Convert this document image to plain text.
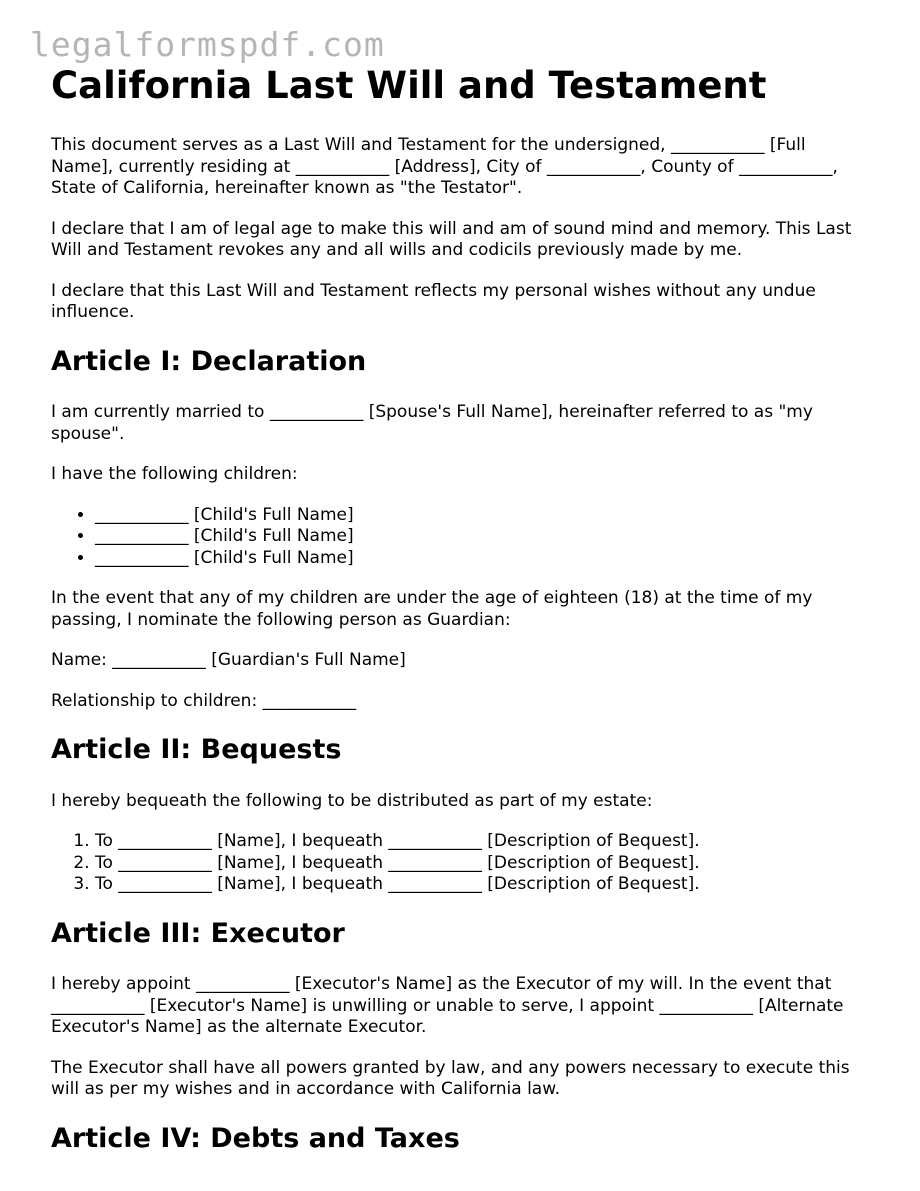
legalformspdf.com
California Last Will and Testament

This document serves as a Last Will and Testament for the undersigned, ___________ [Full Name], currently residing at ___________ [Address], City of ___________, County of ___________, State of California, hereinafter known as "the Testator".

I declare that I am of legal age to make this will and am of sound mind and memory. This Last Will and Testament revokes any and all wills and codicils previously made by me.

I declare that this Last Will and Testament reflects my personal wishes without any undue influence.

Article I: Declaration

I am currently married to ___________ [Spouse's Full Name], hereinafter referred to as "my spouse".

I have the following children:

• ___________ [Child's Full Name]
• ___________ [Child's Full Name]
• ___________ [Child's Full Name]

In the event that any of my children are under the age of eighteen (18) at the time of my passing, I nominate the following person as Guardian:

Name: ___________ [Guardian's Full Name]

Relationship to children: ___________

Article II: Bequests

I hereby bequeath the following to be distributed as part of my estate:

1. To ___________ [Name], I bequeath ___________ [Description of Bequest].
2. To ___________ [Name], I bequeath ___________ [Description of Bequest].
3. To ___________ [Name], I bequeath ___________ [Description of Bequest].
Article III: Executor

I hereby appoint ___________ [Executor's Name] as the Executor of my will. In the event that ___________ [Executor's Name] is unwilling or unable to serve, I appoint ___________ [Alternate Executor's Name] as the alternate Executor.

The Executor shall have all powers granted by law, and any powers necessary to execute this will as per my wishes and in accordance with California law.

Article IV: Debts and Taxes
